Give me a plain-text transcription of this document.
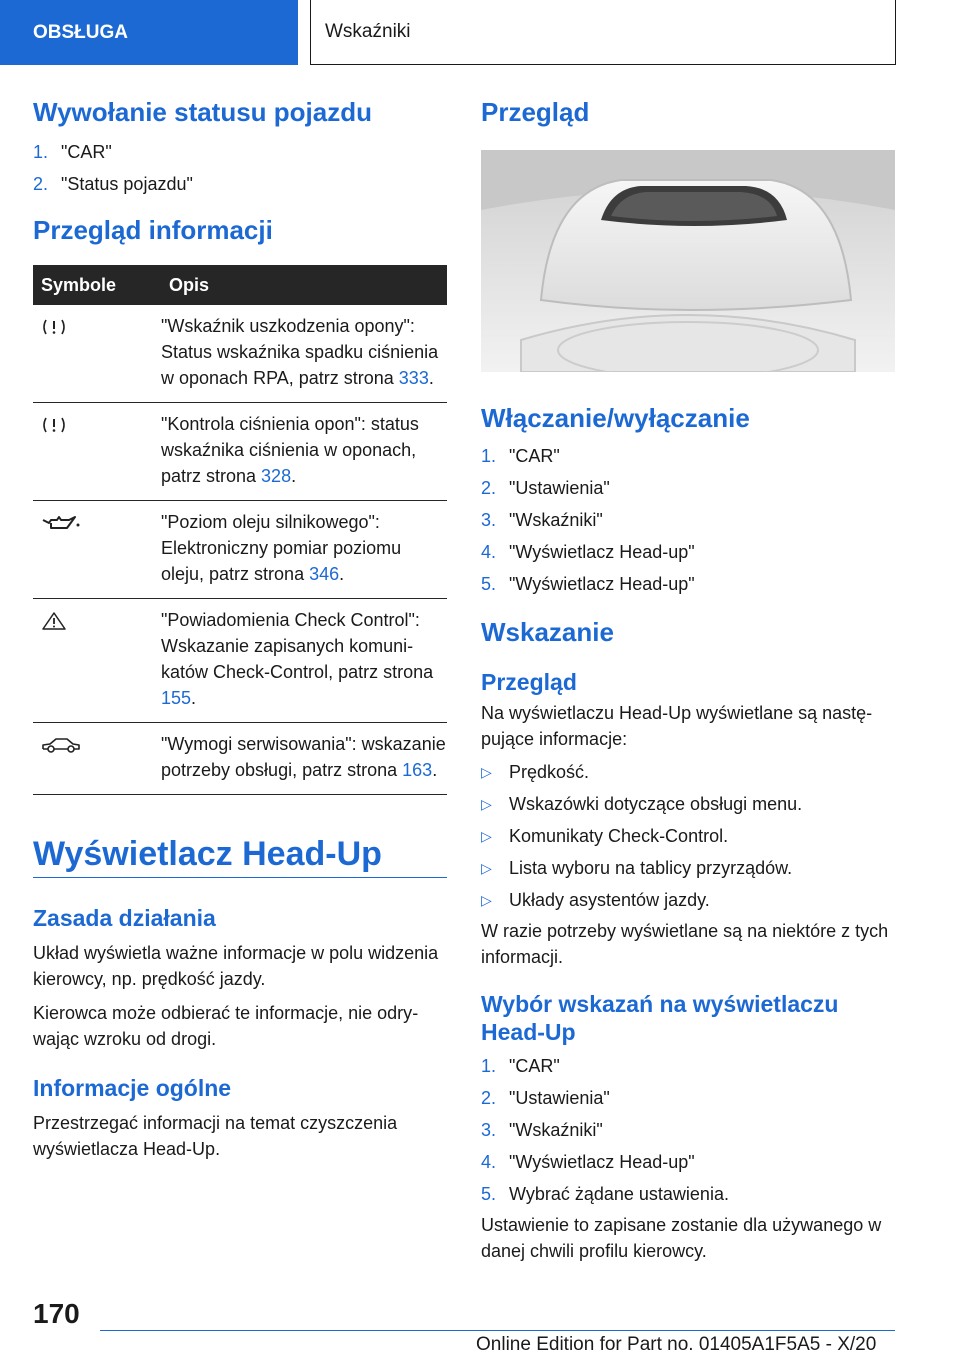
OBSŁUGA	Wskaźniki
Wywołanie statusu pojazdu
1. "CAR"
2. "Status pojazdu"
Przegląd informacji
Symbole	Opis
	"Wskaźnik uszkodzenia opony": Status wskaźnika spadku ciśnienia w oponach RPA, patrz strona 333.
	"Kontrola ciśnienia opon": status wskaźnika ciśnienia w oponach, patrz strona 328.
	"Poziom oleju silnikowego": Elektroniczny pomiar poziomu oleju, patrz strona 346.
	"Powiadomienia Check Control": Wskazanie zapisanych komunikatów Check-Control, patrz strona 155.
	"Wymogi serwisowania": wskazanie potrzeby obsługi, patrz strona 163.
Wyświetlacz Head-Up
Zasada działania

Układ wyświetla ważne informacje w polu widzenia kierowcy, np. prędkość jazdy.

Kierowca może odbierać te informacje, nie odrywając wzroku od drogi.

Informacje ogólne

Przestrzegać informacji na temat czyszczenia wyświetlacza Head-Up.

Przegląd
Włączanie/wyłączanie
1. "CAR"
2. "Ustawienia"
3. "Wskaźniki"
4. "Wyświetlacz Head-up"
5. "Wyświetlacz Head-up"
Wskazanie
Przegląd

Na wyświetlaczu Head-Up wyświetlane są następujące informacje:

▷ Prędkość.
▷ Wskazówki dotyczące obsługi menu.
▷ Komunikaty Check-Control.
▷ Lista wyboru na tablicy przyrządów.
▷ Układy asystentów jazdy.

W razie potrzeby wyświetlane są na niektóre z tych informacji.

Wybór wskazań na wyświetlaczu Head-Up
1. "CAR"
2. "Ustawienia"
3. "Wskaźniki"
4. "Wyświetlacz Head-up"
5. Wybrać żądane ustawienia.

Ustawienie to zapisane zostanie dla używanego w danej chwili profilu kierowcy.

170
Online Edition for Part no. 01405A1F5A5 - X/20
